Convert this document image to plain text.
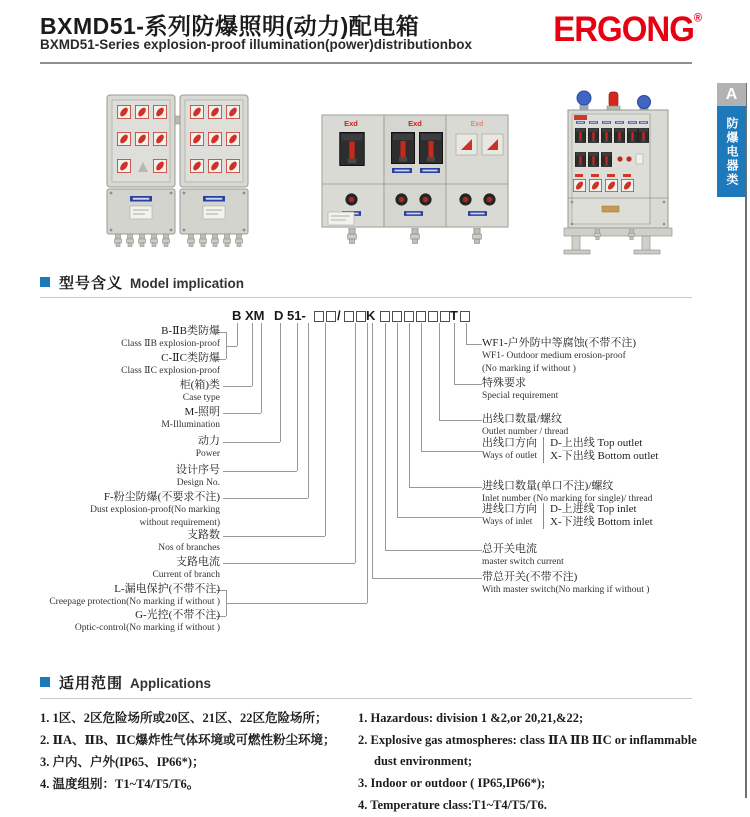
BXMD51-系列防爆照明(动力)配电箱
BXMD51-Series explosion-proof illumination(power)distributionbox ERGONG®
A
防爆电器类
Exd	Exd	Exd
型号含义 Model implication
B XM D 51- / K	T
B-ⅡB类防爆
Class ⅡB explosion-proof
C-ⅡC类防爆
Class ⅡC explosion-proof
柜(箱)类
Case type
M-照明
M-Illumination
动力
Power
设计序号
Design No.
F-粉尘防爆(不要求不注)
Dust explosion-proof(No marking
without requirement)
支路数
Nos of branches
支路电流
Current of branch
L-漏电保护(不带不注)
Creepage protection(No marking if without )
G-光控(不带不注)
Optic-control(No marking if without )
WF1-户外防中等腐蚀(不带不注)
WF1- Outdoor medium erosion-proof
(No marking if without )
特殊要求
Special requirement
出线口数量/螺纹
Outlet number / thread
出线口方向
Ways of outlet
D-上出线 Top outlet
X-下出线 Bottom outlet
进线口数量(单口不注)/螺纹
Inlet number (No marking for single)/ thread
进线口方向
Ways of inlet
D-上进线 Top inlet
X-下进线 Bottom inlet
总开关电流
master switch current
带总开关(不带不注)
With master switch(No marking if without )
适用范围 Applications
1. 1区、2区危险场所或20区、21区、22区危险场所；
2. ⅡA、ⅡB、ⅡC爆炸性气体环境或可燃性粉尘环境；
3. 户内、户外(IP65、IP66*)；
4. 温度组别：T1~T4/T5/T6。
1. Hazardous: division 1 &2,or 20,21,&22;
2. Explosive gas atmospheres: class ⅡA ⅡB ⅡC or inflammable dust environment;
3. Indoor or outdoor ( IP65,IP66*);
4. Temperature class:T1~T4/T5/T6.
